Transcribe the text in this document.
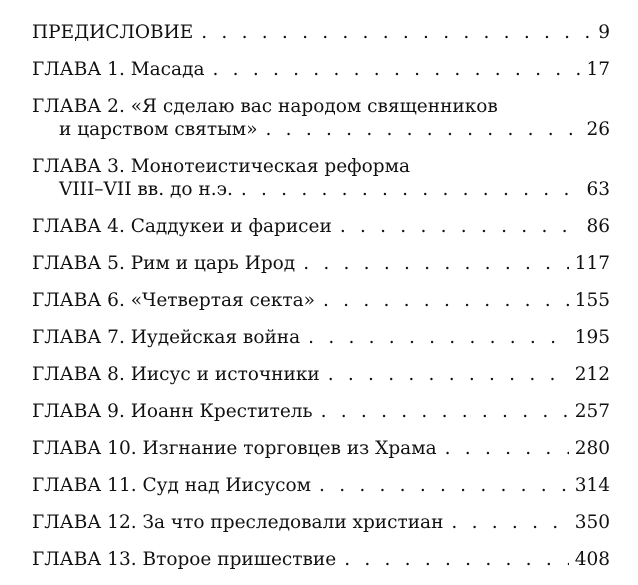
ПРЕДИСЛОВИЕ . . .	9
ГЛАВА 1. Масада . . .	17
ГЛАВА 2. «Я сделаю вас народом священников
и царством святым» . . .	26
ГЛАВА 3. Монотеистическая реформа
VIII–VII вв. до н.э. . . .	63
ГЛАВА 4. Саддукеи и фарисеи . . .	86
ГЛАВА 5. Рим и царь Ирод . . .	117
ГЛАВА 6. «Четвертая секта» . . .	155
ГЛАВА 7. Иудейская война . . .	195
ГЛАВА 8. Иисус и источники . . .	212
ГЛАВА 9. Иоанн Креститель . . .	257
ГЛАВА 10. Изгнание торговцев из Храма . . .	280
ГЛАВА 11. Суд над Иисусом . . .	314
ГЛАВА 12. За что преследовали христиан . . .	350
ГЛАВА 13. Второе пришествие . . .	408
